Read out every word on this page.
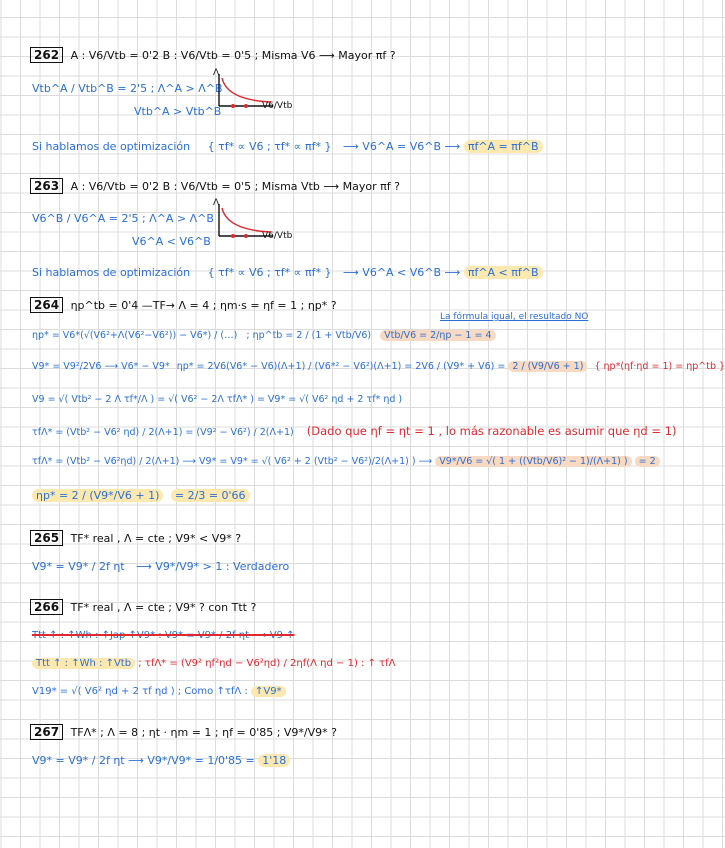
262 A : V6/Vtb = 0'2 B : V6/Vtb = 0'5 ; Misma V6 ⟶ Mayor πf ?
Vtb^A / Vtb^B = 2'5 ; Λ^A > Λ^B
Vtb^A > Vtb^B
Λ
V6/Vtb
Si hablamos de optimización { τf* ∝ V6 ; τf* ∝ πf* } ⟶ V6^A = V6^B ⟶ πf^A = πf^B
263 A : V6/Vtb = 0'2 B : V6/Vtb = 0'5 ; Misma Vtb ⟶ Mayor πf ?
V6^B / V6^A = 2'5 ; Λ^A > Λ^B
V6^A < V6^B
Λ
V6/Vtb
Si hablamos de optimización { τf* ∝ V6 ; τf* ∝ πf* } ⟶ V6^A < V6^B ⟶ πf^A < πf^B
264 ηp^tb = 0'4 —TF→ Λ = 4 ; ηm·s = ηf = 1 ; ηp* ?
La fórmula igual, el resultado NO
ηp* = V6*(√(V6²+Λ(V6²−V6²)) − V6*) / (…) ; ηp^tb = 2 / (1 + Vtb/V6) Vtb/V6 = 2/ηp − 1 = 4
V9* = V9²/2V6 ⟶ V6* − V9* ηp* = 2V6(V6* − V6)(Λ+1) / (V6*² − V6²)(Λ+1) = 2V6 / (V9* + V6) = 2 / (V9/V6 + 1) { ηp*(ηf·ηd = 1) = ηp^tb }
V9 = √( Vtb² − 2 Λ τf*/Λ ) = √( V6² − 2Λ τfΛ* ) = V9* = √( V6² ηd + 2 τf* ηd )
τfΛ* = (Vtb² − V6² ηd) / 2(Λ+1) = (V9² − V6²) / 2(Λ+1) (Dado que ηf = ηt = 1 , lo más razonable es asumir que ηd = 1)
τfΛ* = (Vtb² − V6²ηd) / 2(Λ+1) ⟶ V9* = V9* = √( V6² + 2 (Vtb² − V6²)/2(Λ+1) ) ⟶ V9*/V6 = √( 1 + ((Vtb/V6)² − 1)/(Λ+1) ) = 2
ηp* = 2 / (V9*/V6 + 1) = 2/3 = 0'66
265 TF* real , Λ = cte ; V9* < V9* ?
V9* = V9* / 2f ηt ⟶ V9*/V9* > 1 : Verdadero
266 TF* real , Λ = cte ; V9* ? con Ttt ?
Ttt ↑ : ↑Wh : ↑Jap ↑V9* : V9* = V9* / 2f ηt ⟶ V9 ↑
Ttt ↑ : ↑Wh : ↑Vtb ; τfΛ* = (V9² ηf²ηd − V6²ηd) / 2ηf(Λ ηd − 1) : ↑ τfΛ
V19* = √( V6² ηd + 2 τf ηd ) ; Como ↑τfΛ : ↑V9*
267 TFΛ* ; Λ = 8 ; ηt · ηm = 1 ; ηf = 0'85 ; V9*/V9* ?
V9* = V9* / 2f ηt ⟶ V9*/V9* = 1/0'85 = 1'18
